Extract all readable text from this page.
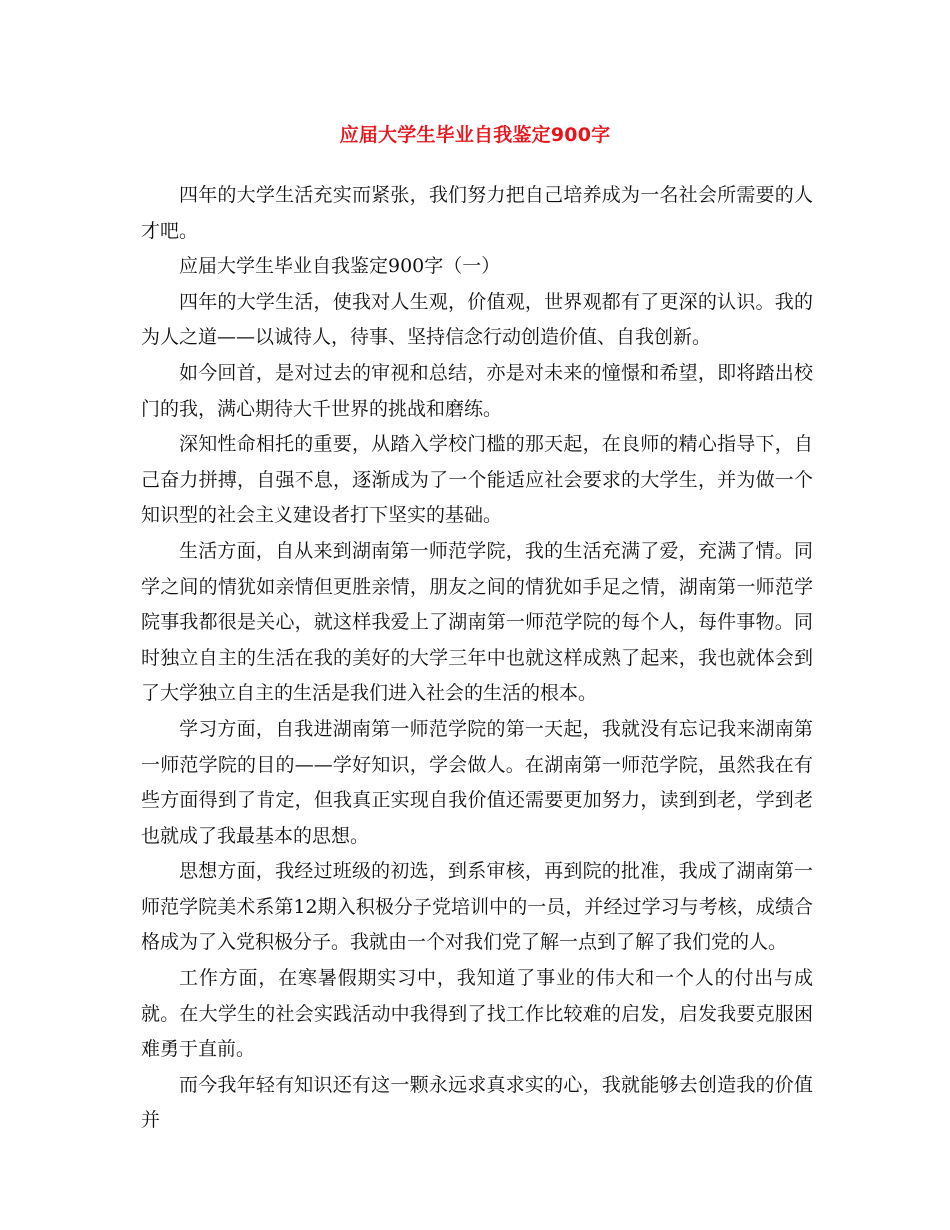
应届大学生毕业自我鉴定900字

四年的大学生活充实而紧张，我们努力把自己培养成为一名社会所需要的人才吧。

应届大学生毕业自我鉴定900字（一）

四年的大学生活，使我对人生观，价值观，世界观都有了更深的认识。我的为人之道——以诚待人，待事、坚持信念行动创造价值、自我创新。

如今回首，是对过去的审视和总结，亦是对未来的憧憬和希望，即将踏出校门的我，满心期待大千世界的挑战和磨练。

深知性命相托的重要，从踏入学校门槛的那天起，在良师的精心指导下，自己奋力拼搏，自强不息，逐渐成为了一个能适应社会要求的大学生，并为做一个知识型的社会主义建设者打下坚实的基础。

生活方面，自从来到湖南第一师范学院，我的生活充满了爱，充满了情。同学之间的情犹如亲情但更胜亲情，朋友之间的情犹如手足之情，湖南第一师范学院事我都很是关心，就这样我爱上了湖南第一师范学院的每个人，每件事物。同时独立自主的生活在我的美好的大学三年中也就这样成熟了起来，我也就体会到了大学独立自主的生活是我们进入社会的生活的根本。

学习方面，自我进湖南第一师范学院的第一天起，我就没有忘记我来湖南第一师范学院的目的——学好知识，学会做人。在湖南第一师范学院，虽然我在有些方面得到了肯定，但我真正实现自我价值还需要更加努力，读到到老，学到老也就成了我最基本的思想。

思想方面，我经过班级的初选，到系审核，再到院的批准，我成了湖南第一师范学院美术系第12期入积极分子党培训中的一员，并经过学习与考核，成绩合格成为了入党积极分子。我就由一个对我们党了解一点到了解了我们党的人。

工作方面，在寒暑假期实习中，我知道了事业的伟大和一个人的付出与成就。在大学生的社会实践活动中我得到了找工作比较难的启发，启发我要克服困难勇于直前。

而今我年轻有知识还有这一颗永远求真求实的心，我就能够去创造我的价值并
